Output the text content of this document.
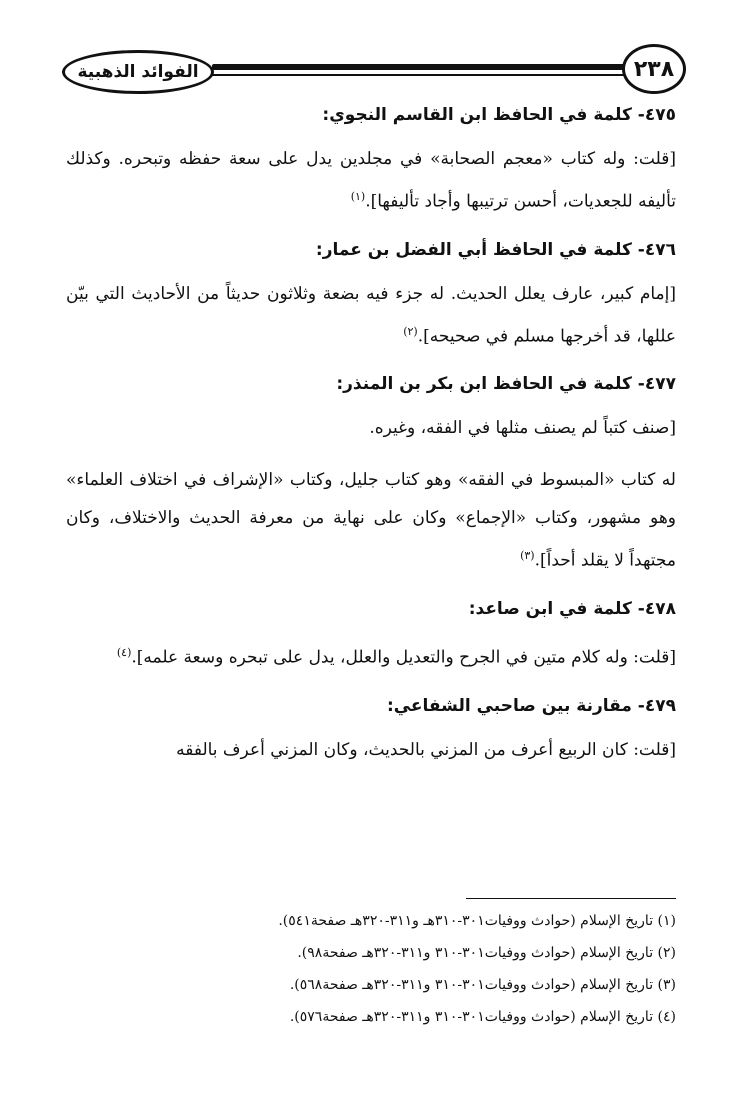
الفوائد الذهبية	٢٣٨

٤٧٥- كلمة في الحافظ ابن القاسم النجوي:

[قلت: وله كتاب «معجم الصحابة» في مجلدين يدل على سعة حفظه وتبحره. وكذلك تأليفه للجعديات، أحسن ترتيبها وأجاد تأليفها].$^{(١)}$

٤٧٦- كلمة في الحافظ أبي الفضل بن عمار:

[إمام كبير، عارف يعلل الحديث. له جزء فيه بضعة وثلاثون حديثاً من الأحاديث التي بيّن عللها، قد أخرجها مسلم في صحيحه].$^{(٢)}$

٤٧٧- كلمة في الحافظ ابن بكر بن المنذر:

[صنف كتباً لم يصنف مثلها في الفقه، وغيره.

له كتاب «المبسوط في الفقه» وهو كتاب جليل، وكتاب «الإشراف في اختلاف العلماء» وهو مشهور، وكتاب «الإجماع» وكان على نهاية من معرفة الحديث والاختلاف، وكان مجتهداً لا يقلد أحداً].$^{(٣)}$

٤٧٨- كلمة في ابن صاعد:

[قلت: وله كلام متين في الجرح والتعديل والعلل، يدل على تبحره وسعة علمه].$^{(٤)}$

٤٧٩- مقارنة بين صاحبي الشفاعي:

[قلت: كان الربيع أعرف من المزني بالحديث، وكان المزني أعرف بالفقه

(١) تاريخ الإسلام (حوادث ووفيات٣٠١-٣١٠هـ و٣١١-٣٢٠هـ صفحة٥٤١).

(٢) تاريخ الإسلام (حوادث ووفيات٣٠١-٣١٠ و٣١١-٣٢٠هـ صفحة٩٨).

(٣) تاريخ الإسلام (حوادث ووفيات٣٠١-٣١٠ و٣١١-٣٢٠هـ صفحة٥٦٨).

(٤) تاريخ الإسلام (حوادث ووفيات٣٠١-٣١٠ و٣١١-٣٢٠هـ صفحة٥٧٦).
